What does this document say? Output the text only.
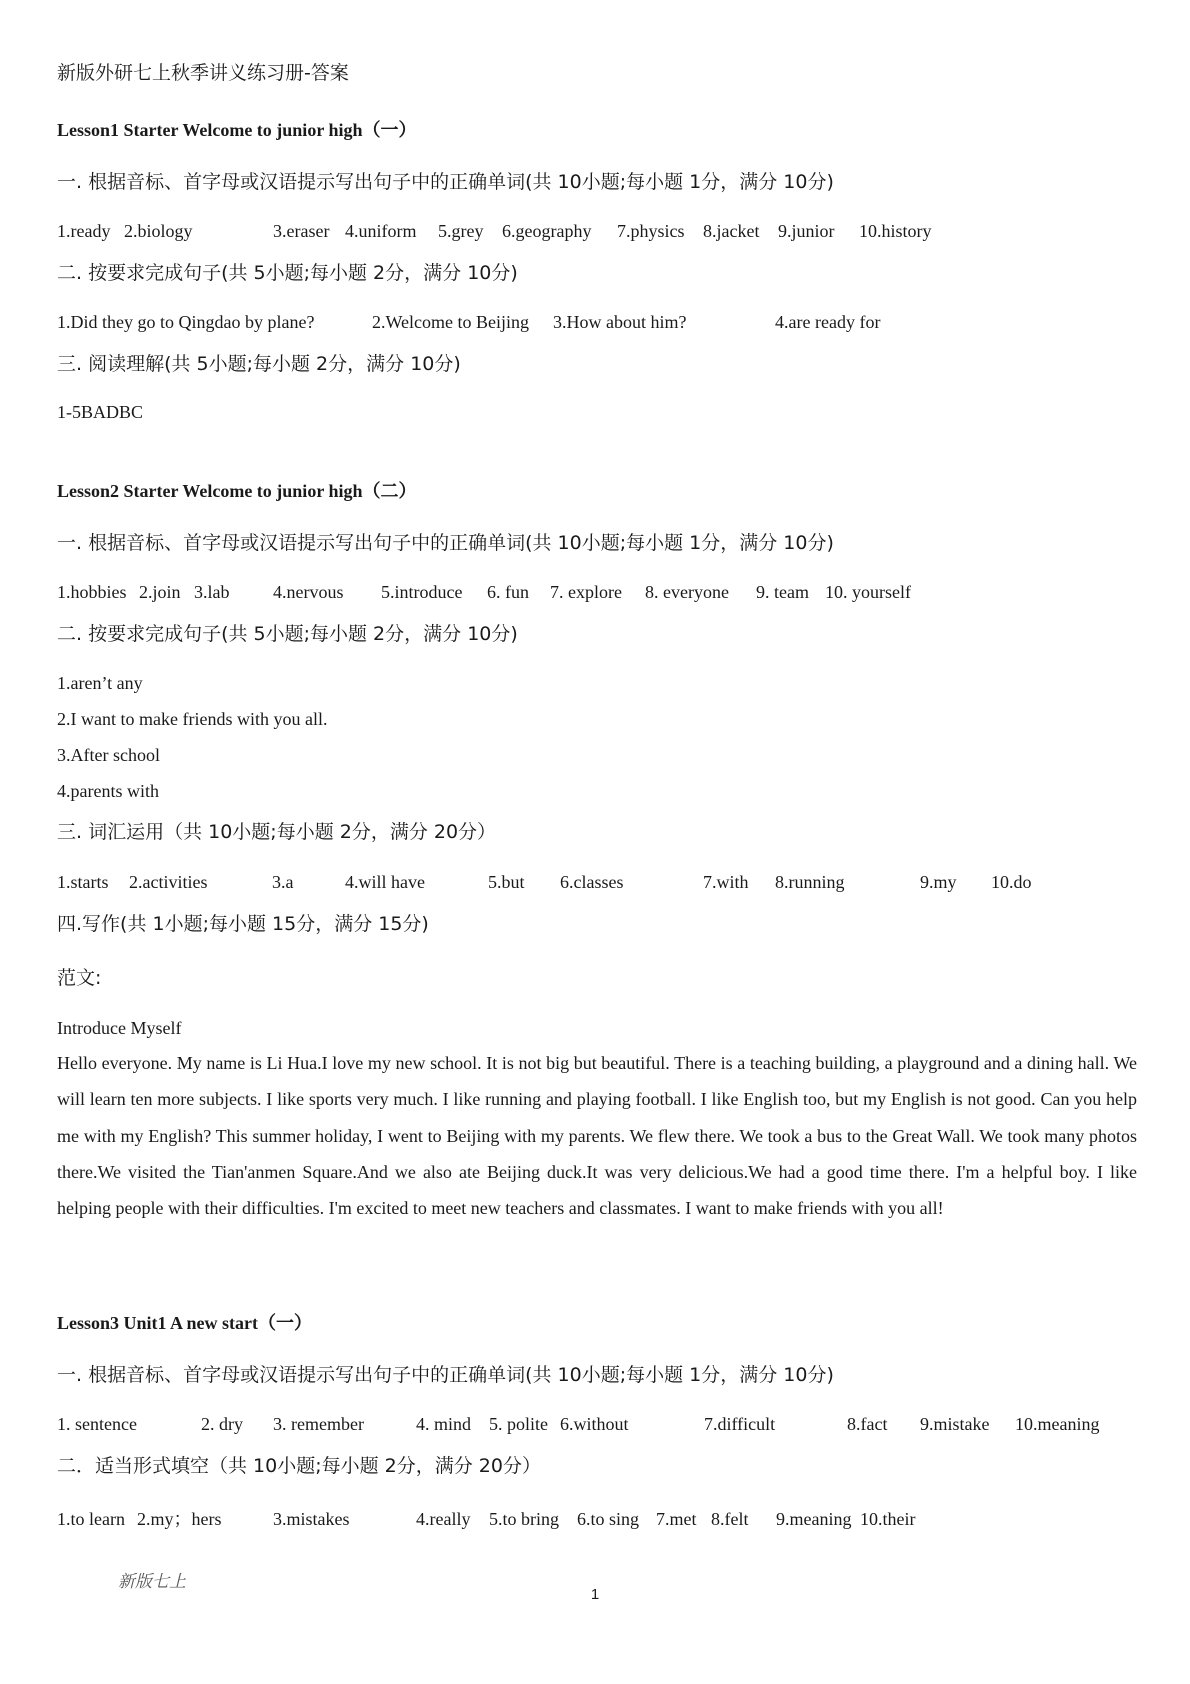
新版外研七上秋季讲义练习册-答案
Lesson1 Starter Welcome to junior high（一）
一. 根据音标、首字母或汉语提示写出句子中的正确单词(共 10小题;每小题 1分，满分 10分)
1.ready 2.biology	3.eraser 4.uniform 5.grey 6.geography 7.physics 8.jacket 9.junior 10.history
二. 按要求完成句子(共 5小题;每小题 2分，满分 10分)
1.Did they go to Qingdao by plane?	2.Welcome to Beijing 3.How about him?	4.are ready for
三. 阅读理解(共 5小题;每小题 2分，满分 10分)
1-5BADBC
Lesson2 Starter Welcome to junior high（二）
一. 根据音标、首字母或汉语提示写出句子中的正确单词(共 10小题;每小题 1分，满分 10分)
1.hobbies 2.join 3.lab 4.nervous 5.introduce 6. fun 7. explore 8. everyone 9. team 10. yourself
二. 按要求完成句子(共 5小题;每小题 2分，满分 10分)
1.aren’t any
2.I want to make friends with you all.
3.After school
4.parents with
三. 词汇运用（共 10小题;每小题 2分，满分 20分）
1.starts 2.activities	3.a	4.will have	5.but 6.classes	7.with 8.running	9.my 10.do
四.写作(共 1小题;每小题 15分，满分 15分)
范文:
Introduce Myself
Hello everyone. My name is Li Hua.I love my new school. It is not big but beautiful. There is a teaching building, a playground and a dining hall. We will learn ten more subjects. I like sports very much. I like running and playing football. I like English too, but my English is not good. Can you help me with my English? This summer holiday, I went to Beijing with my parents. We flew there. We took a bus to the Great Wall. We took many photos there.We visited the Tian'anmen Square.And we also ate Beijing duck.It was very delicious.We had a good time there. I'm a helpful boy. I like helping people with their difficulties. I'm excited to meet new teachers and classmates. I want to make friends with you all!
Lesson3 Unit1 A new start（一）
一. 根据音标、首字母或汉语提示写出句子中的正确单词(共 10小题;每小题 1分，满分 10分)
1. sentence	2. dry 3. remember	4. mind 5. polite 6.without	7.difficult	8.fact 9.mistake 10.meaning
二．适当形式填空（共 10小题;每小题 2分，满分 20分）
1.to learn 2.my；hers	3.mistakes	4.really 5.to bring 6.to sing 7.met 8.felt 9.meaning 10.their
新版七上
1
